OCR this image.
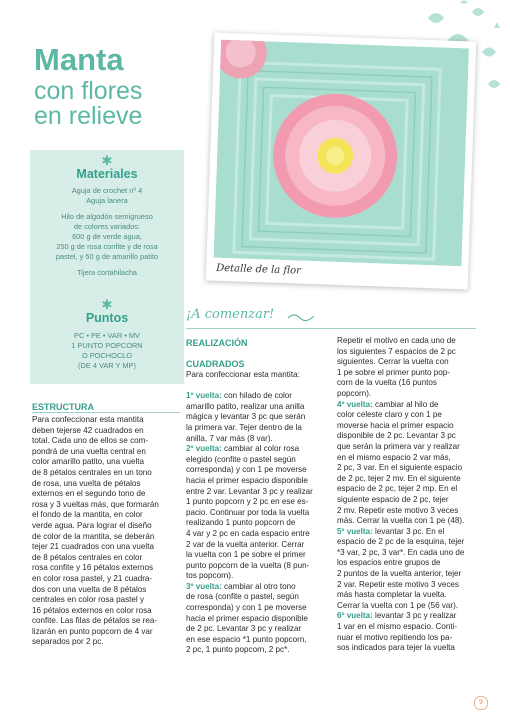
Manta
con flores
en relieve
✱
Materiales
Aguja de crochet nº 4
Aguja lanera
Hilo de algodón semigrueso
de colores variados:
600 g de verde agua,
250 g de rosa confite y de rosa
pastel, y 50 g de amarillo patito
Tijera cortahilacha
✱
Puntos
PC • PE • VAR • MV
1 PUNTO POPCORN
O POCHOCLO
(DE 4 VAR Y MP)
Detalle de la flor
¡A comenzar!
ESTRUCTURA
Para confeccionar esta mantita
deben tejerse 42 cuadrados en
total. Cada uno de ellos se com-
pondrá de una vuelta central en
color amarillo patito, una vuelta
de 8 pétalos centrales en un tono
de rosa, una vuelta de pétalos
externos en el segundo tono de
rosa y 3 vueltas más, que formarán
el fondo de la mantita, en color
verde agua. Para lograr el diseño
de color de la mantita, se deberán
tejer 21 cuadrados con una vuelta
de 8 pétalos centrales en color
rosa confite y 16 pétalos externos
en color rosa pastel, y 21 cuadra-
dos con una vuelta de 8 pétalos
centrales en color rosa pastel y
16 pétalos externos en color rosa
confite. Las filas de pétalos se rea-
lizarán en punto popcorn de 4 var
separados por 2 pc.
REALIZACIÓN
CUADRADOS
Para confeccionar esta mantita:
1º vuelta: con hilado de color
amarillo patito, realizar una anilla
mágica y levantar 3 pc que serán
la primera var. Tejer dentro de la
anilla, 7 var más (8 var).
2º vuelta: cambiar al color rosa
elegido (confite o pastel según
corresponda) y con 1 pe moverse
hacia el primer espacio disponible
entre 2 var. Levantar 3 pc y realizar
1 punto popcorn y 2 pc en ese es-
pacio. Continuar por toda la vuelta
realizando 1 punto popcorn de
4 var y 2 pc en cada espacio entre
2 var de la vuelta anterior. Cerrar
la vuelta con 1 pe sobre el primer
punto popcorn de la vuelta (8 pun-
tos popcorn).
3º vuelta: cambiar al otro tono
de rosa (confite o pastel, según
corresponda) y con 1 pe moverse
hacia el primer espacio disponible
de 2 pc. Levantar 3 pc y realizar
en ese espacio *1 punto popcorn,
2 pc, 1 punto popcorn, 2 pc*.
Repetir el motivo en cada uno de
los siguientes 7 espacios de 2 pc
siguientes. Cerrar la vuelta con
1 pe sobre el primer punto pop-
corn de la vuelta (16 puntos
popcorn).
4º vuelta: cambiar al hilo de
color celeste claro y con 1 pe
moverse hacia el primer espacio
disponible de 2 pc. Levantar 3 pc
que serán la primera var y realizar
en el mismo espacio 2 var más,
2 pc, 3 var. En el siguiente espacio
de 2 pc, tejer 2 mv. En el siguiente
espacio de 2 pc, tejer 2 mp. En el
siguiente espacio de 2 pc, tejer
2 mv. Repetir este motivo 3 veces
más. Cerrar la vuelta con 1 pe (48).
5º vuelta: levantar 3 pc. En el
espacio de 2 pc de la esquina, tejer
*3 var, 2 pc, 3 var*. En cada uno de
los espacios entre grupos de
2 puntos de la vuelta anterior, tejer
2 var. Repetir este motivo 3 veces
más hasta completar la vuelta.
Cerrar la vuelta con 1 pe (56 var).
6º vuelta: levantar 3 pc y realizar
1 var en el mismo espacio. Conti-
nuar el motivo repitiendo los pa-
sos indicados para tejer la vuelta
9
